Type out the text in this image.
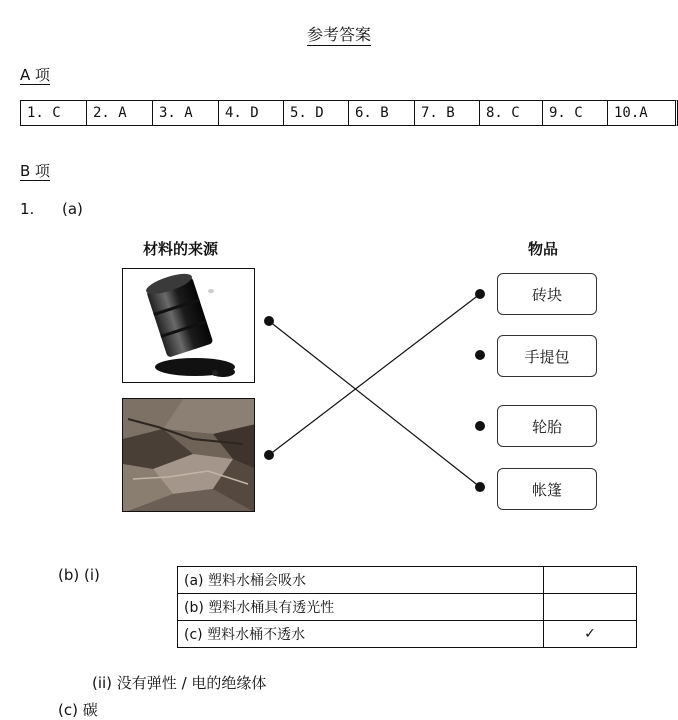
参考答案
A 项
1. C	2. A	3. A	4. D	5. D	6. B	7. B	8. C	9. C	10.A
B 项
1. (a)
材料的来源	物品
砖块
手提包
轮胎
帐篷
(b) (i)	(a) 塑料水桶会吸水	
(b) 塑料水桶具有透光性	
(c) 塑料水桶不透水	✓
(ii) 没有弹性 / 电的绝缘体
(c) 碳
